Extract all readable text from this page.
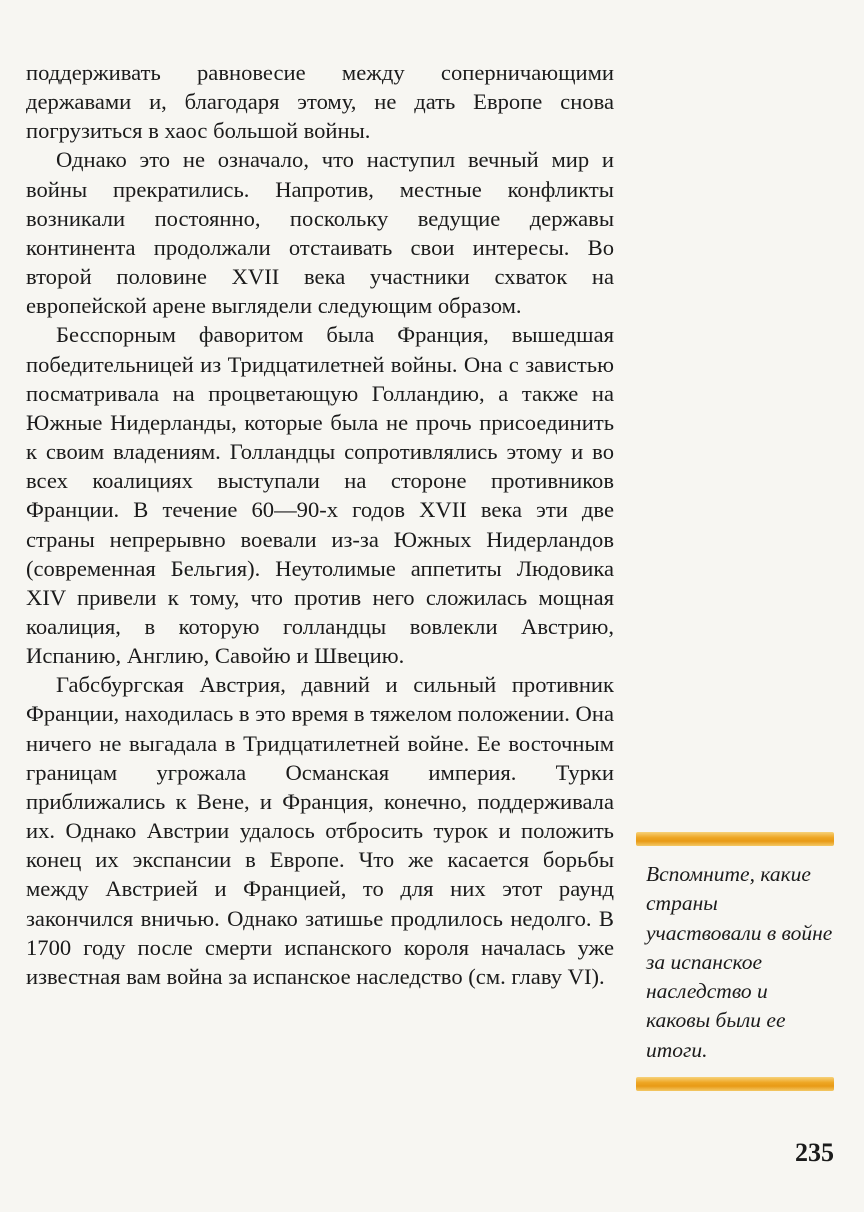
поддерживать равновесие между соперничающими державами и, благодаря этому, не дать Европе снова погрузиться в хаос большой войны.

Однако это не означало, что наступил вечный мир и войны прекратились. Напротив, местные конфликты возникали постоянно, поскольку ведущие державы континента продолжали отстаивать свои интересы. Во второй половине XVII века участники схваток на европейской арене выглядели следующим образом.

Бесспорным фаворитом была Франция, вышедшая победительницей из Тридцатилетней войны. Она с завистью посматривала на процветающую Голландию, а также на Южные Нидерланды, которые была не прочь присоединить к своим владениям. Голландцы сопротивлялись этому и во всех коалициях выступали на стороне противников Франции. В течение 60—90-х годов XVII века эти две страны непрерывно воевали из-за Южных Нидерландов (современная Бельгия). Неутолимые аппетиты Людовика XIV привели к тому, что против него сложилась мощная коалиция, в которую голландцы вовлекли Австрию, Испанию, Англию, Савойю и Швецию.

Габсбургская Австрия, давний и сильный противник Франции, находилась в это время в тяжелом положении. Она ничего не выгадала в Тридцатилетней войне. Ее восточным границам угрожала Османская империя. Турки приближались к Вене, и Франция, конечно, поддерживала их. Однако Австрии удалось отбросить турок и положить конец их экспансии в Европе. Что же касается борьбы между Австрией и Францией, то для них этот раунд закончился вничью. Однако затишье продлилось недолго. В 1700 году после смерти испанского короля началась уже известная вам война за испанское наследство (см. главу VI).

Вспомните, какие страны участвовали в войне за испанское наследство и каковы были ее итоги.
235
